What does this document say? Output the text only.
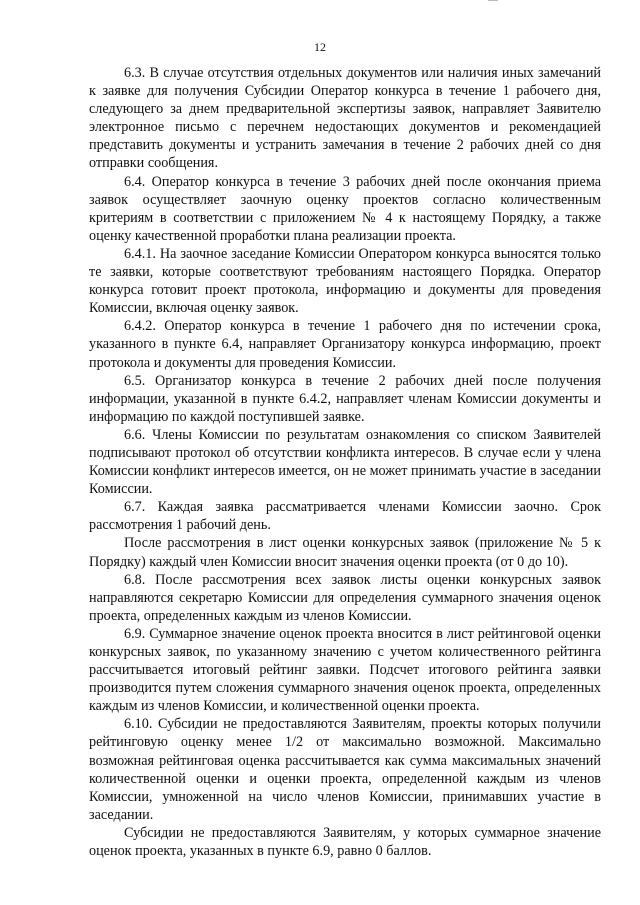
12

6.3. В случае отсутствия отдельных документов или наличия иных замечаний к заявке для получения Субсидии Оператор конкурса в течение 1 рабочего дня, следующего за днем предварительной экспертизы заявок, направляет Заявителю электронное письмо с перечнем недостающих документов и рекомендацией представить документы и устранить замечания в течение 2 рабочих дней со дня отправки сообщения.

6.4. Оператор конкурса в течение 3 рабочих дней после окончания приема заявок осуществляет заочную оценку проектов согласно количественным критериям в соответствии с приложением № 4 к настоящему Порядку, а также оценку качественной проработки плана реализации проекта.

6.4.1. На заочное заседание Комиссии Оператором конкурса выносятся только те заявки, которые соответствуют требованиям настоящего Порядка. Оператор конкурса готовит проект протокола, информацию и документы для проведения Комиссии, включая оценку заявок.

6.4.2. Оператор конкурса в течение 1 рабочего дня по истечении срока, указанного в пункте 6.4, направляет Организатору конкурса информацию, проект протокола и документы для проведения Комиссии.

6.5. Организатор конкурса в течение 2 рабочих дней после получения информации, указанной в пункте 6.4.2, направляет членам Комиссии документы и информацию по каждой поступившей заявке.

6.6. Члены Комиссии по результатам ознакомления со списком Заявителей подписывают протокол об отсутствии конфликта интересов. В случае если у члена Комиссии конфликт интересов имеется, он не может принимать участие в заседании Комиссии.

6.7. Каждая заявка рассматривается членами Комиссии заочно. Срок рассмотрения 1 рабочий день.

После рассмотрения в лист оценки конкурсных заявок (приложение № 5 к Порядку) каждый член Комиссии вносит значения оценки проекта (от 0 до 10).

6.8. После рассмотрения всех заявок листы оценки конкурсных заявок направляются секретарю Комиссии для определения суммарного значения оценок проекта, определенных каждым из членов Комиссии.

6.9. Суммарное значение оценок проекта вносится в лист рейтинговой оценки конкурсных заявок, по указанному значению с учетом количественного рейтинга рассчитывается итоговый рейтинг заявки. Подсчет итогового рейтинга заявки производится путем сложения суммарного значения оценок проекта, определенных каждым из членов Комиссии, и количественной оценки проекта.

6.10. Субсидии не предоставляются Заявителям, проекты которых получили рейтинговую оценку менее 1/2 от максимально возможной. Максимально возможная рейтинговая оценка рассчитывается как сумма максимальных значений количественной оценки и оценки проекта, определенной каждым из членов Комиссии, умноженной на число членов Комиссии, принимавших участие в заседании.

Субсидии не предоставляются Заявителям, у которых суммарное значение оценок проекта, указанных в пункте 6.9, равно 0 баллов.
